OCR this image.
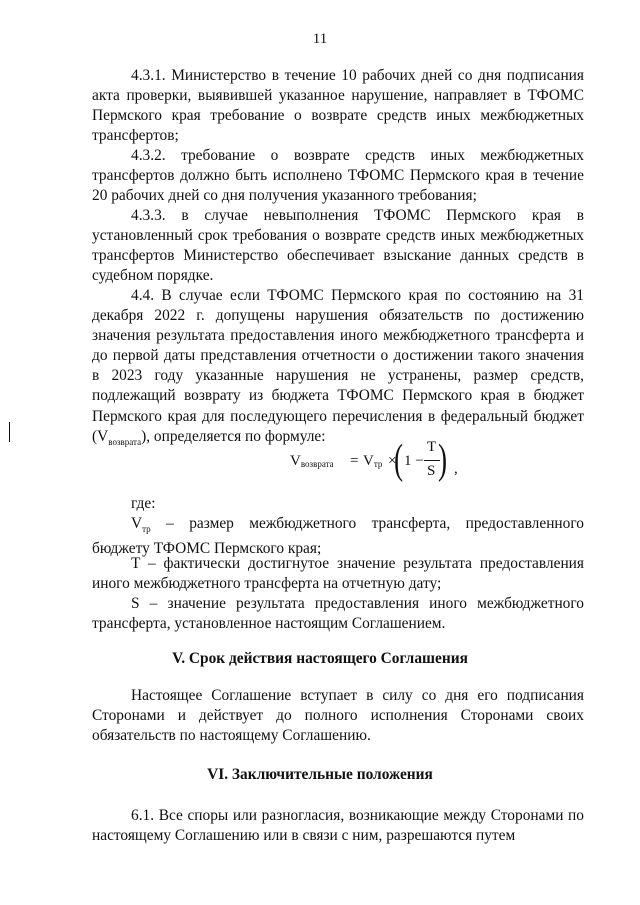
11

4.3.1. Министерство в течение 10 рабочих дней со дня подписания акта проверки, выявившей указанное нарушение, направляет в ТФОМС Пермского края требование о возврате средств иных межбюджетных трансфертов;

4.3.2. требование о возврате средств иных межбюджетных трансфертов должно быть исполнено ТФОМС Пермского края в течение 20 рабочих дней со дня получения указанного требования;

4.3.3. в случае невыполнения ТФОМС Пермского края в установленный срок требования о возврате средств иных межбюджетных трансфертов Министерство обеспечивает взыскание данных средств в судебном порядке.

4.4. В случае если ТФОМС Пермского края по состоянию на 31 декабря 2022 г. допущены нарушения обязательств по достижению значения результата предоставления иного межбюджетного трансферта и до первой даты представления отчетности о достижении такого значения в 2023 году указанные нарушения не устранены, размер средств, подлежащий возврату из бюджета ТФОМС Пермского края в бюджет Пермского края для последующего перечисления в федеральный бюджет $(V_{возврата})$, определяется по формуле:

$V_{возврата} = V_{тр}$ ×
( 1 −
T
S ) ,

где:

$V_{тр}$ – размер межбюджетного трансферта, предоставленного бюджету ТФОМС Пермского края;

T – фактически достигнутое значение результата предоставления иного межбюджетного трансферта на отчетную дату;

S – значение результата предоставления иного межбюджетного трансферта, установленное настоящим Соглашением.

V. Срок действия настоящего Соглашения

Настоящее Соглашение вступает в силу со дня его подписания Сторонами и действует до полного исполнения Сторонами своих обязательств по настоящему Соглашению.

VI. Заключительные положения

6.1. Все споры или разногласия, возникающие между Сторонами по настоящему Соглашению или в связи с ним, разрешаются путем
